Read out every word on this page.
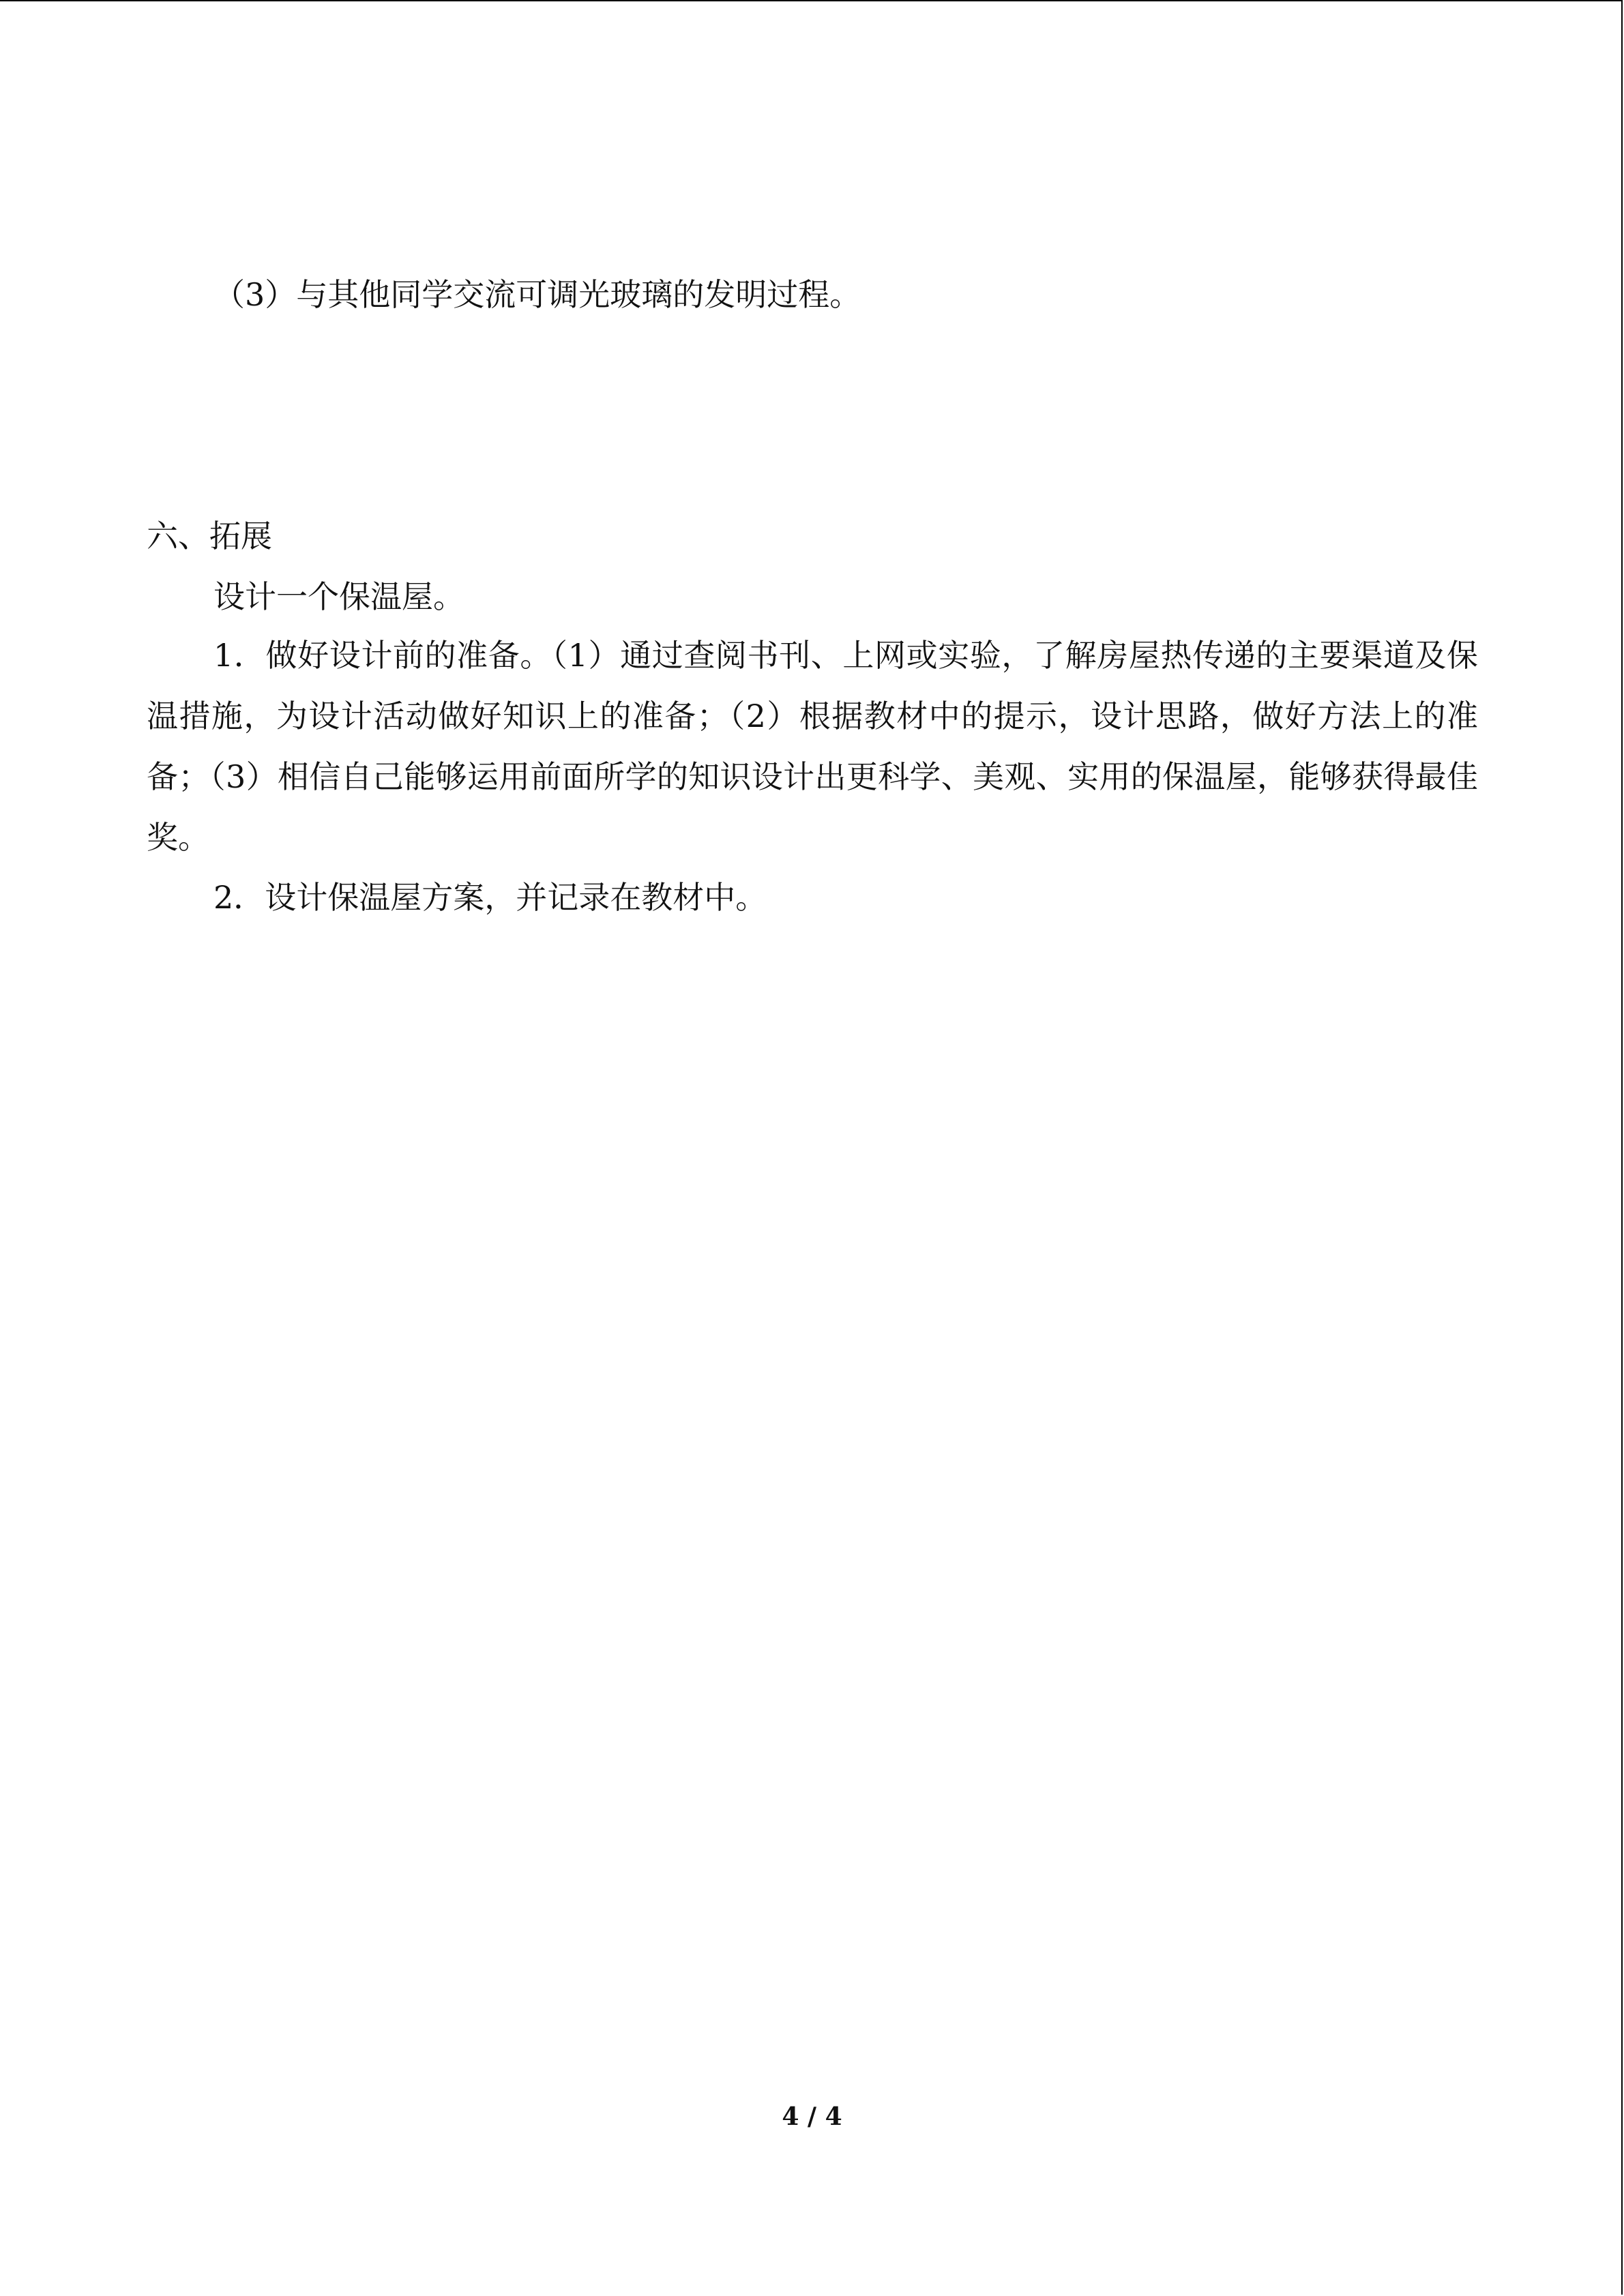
（3）与其他同学交流可调光玻璃的发明过程。

六、拓展

设计一个保温屋。

1．做好设计前的准备。（1）通过查阅书刊、上网或实验，了解房屋热传递的主要渠道及保温措施，为设计活动做好知识上的准备；（2）根据教材中的提示，设计思路，做好方法上的准备；（3）相信自己能够运用前面所学的知识设计出更科学、美观、实用的保温屋，能够获得最佳奖。

2．设计保温屋方案，并记录在教材中。

4 / 4
